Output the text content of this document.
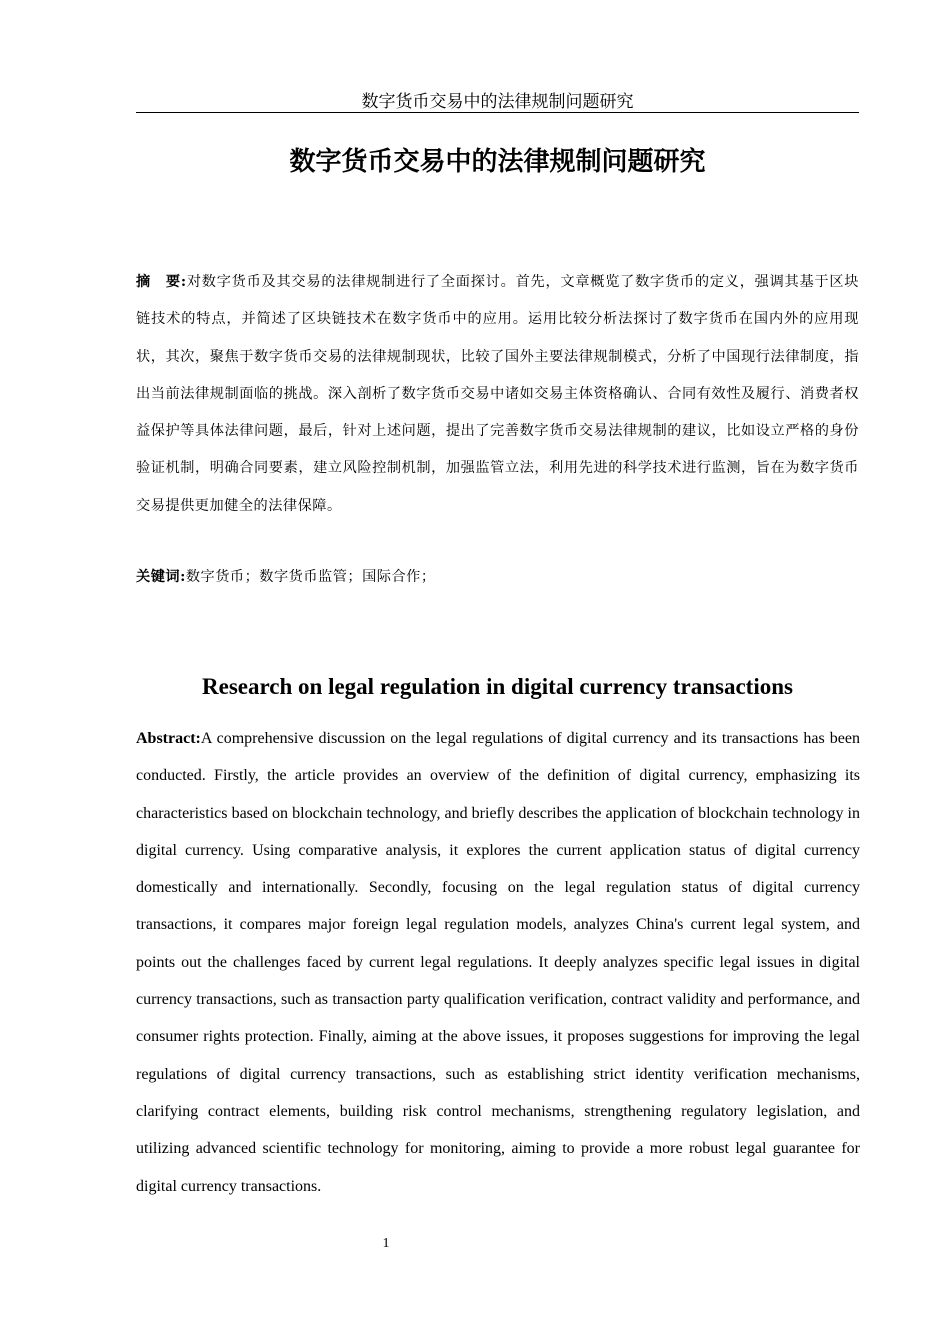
数字货币交易中的法律规制问题研究
数字货币交易中的法律规制问题研究
摘　要:对数字货币及其交易的法律规制进行了全面探讨。首先，文章概览了数字货币的定义，强调其基于区块链技术的特点，并简述了区块链技术在数字货币中的应用。运用比较分析法探讨了数字货币在国内外的应用现状，其次，聚焦于数字货币交易的法律规制现状，比较了国外主要法律规制模式，分析了中国现行法律制度，指出当前法律规制面临的挑战。深入剖析了数字货币交易中诸如交易主体资格确认、合同有效性及履行、消费者权益保护等具体法律问题，最后，针对上述问题，提出了完善数字货币交易法律规制的建议，比如设立严格的身份验证机制，明确合同要素，建立风险控制机制，加强监管立法，利用先进的科学技术进行监测，旨在为数字货币交易提供更加健全的法律保障。
关键词:数字货币；数字货币监管；国际合作；
Research on legal regulation in digital currency transactions
Abstract:A comprehensive discussion on the legal regulations of digital currency and its transactions has been conducted. Firstly, the article provides an overview of the definition of digital currency, emphasizing its characteristics based on blockchain technology, and briefly describes the application of blockchain technology in digital currency. Using comparative analysis, it explores the current application status of digital currency domestically and internationally. Secondly, focusing on the legal regulation status of digital currency transactions, it compares major foreign legal regulation models, analyzes China's current legal system, and points out the challenges faced by current legal regulations. It deeply analyzes specific legal issues in digital currency transactions, such as transaction party qualification verification, contract validity and performance, and consumer rights protection. Finally, aiming at the above issues, it proposes suggestions for improving the legal regulations of digital currency transactions, such as establishing strict identity verification mechanisms, clarifying contract elements, building risk control mechanisms, strengthening regulatory legislation, and utilizing advanced scientific technology for monitoring, aiming to provide a more robust legal guarantee for digital currency transactions.
1
